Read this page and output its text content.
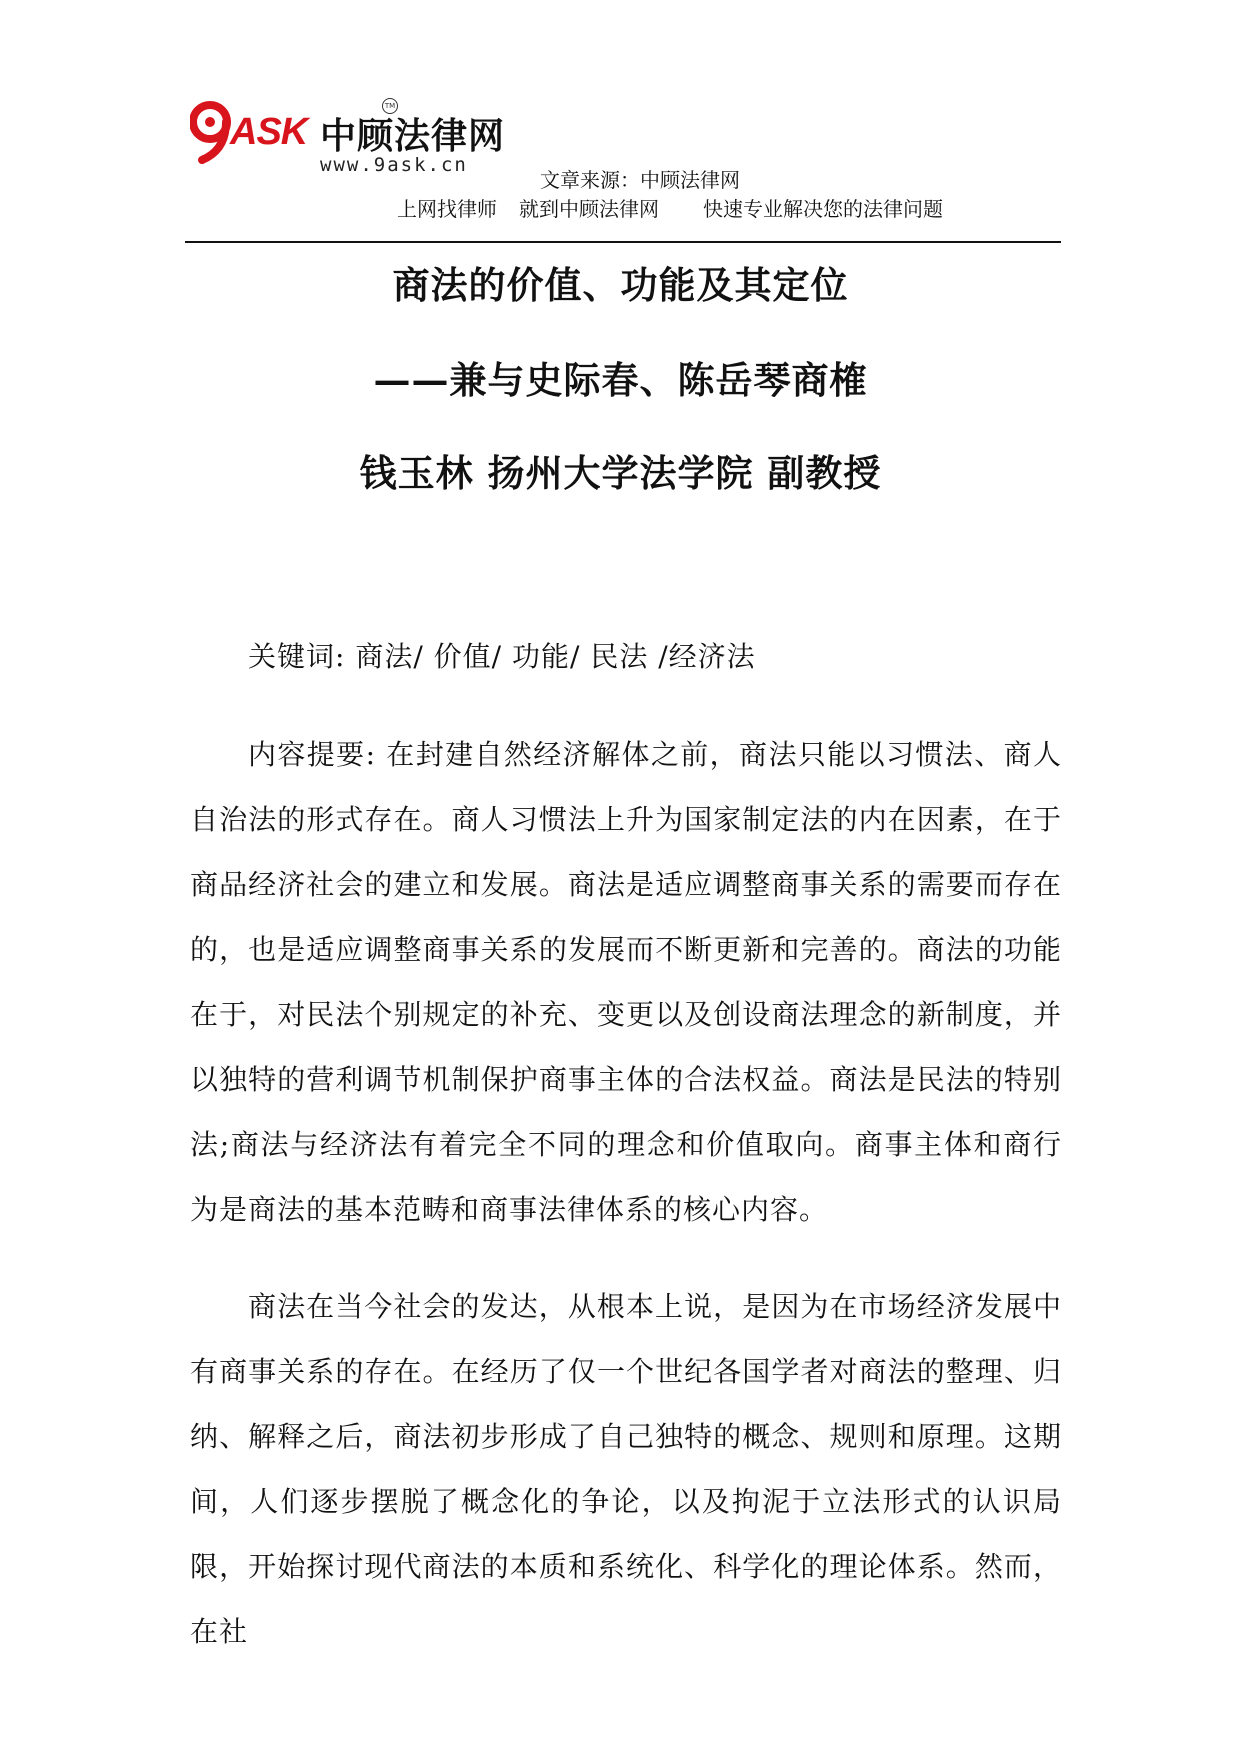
ASK 中顾法律网
TM
www.9ask.cn
文章来源：中顾法律网
上网找律师 就到中顾法律网 快速专业解决您的法律问题
商法的价值、功能及其定位
——兼与史际春、陈岳琴商榷
钱玉林 扬州大学法学院 副教授

关键词: 商法/ 价值/ 功能/ 民法 /经济法

内容提要: 在封建自然经济解体之前，商法只能以习惯法、商人自治法的形式存在。商人习惯法上升为国家制定法的内在因素，在于商品经济社会的建立和发展。商法是适应调整商事关系的需要而存在的，也是适应调整商事关系的发展而不断更新和完善的。商法的功能在于，对民法个别规定的补充、变更以及创设商法理念的新制度，并以独特的营利调节机制保护商事主体的合法权益。商法是民法的特别法;商法与经济法有着完全不同的理念和价值取向。商事主体和商行为是商法的基本范畴和商事法律体系的核心内容。

商法在当今社会的发达，从根本上说，是因为在市场经济发展中有商事关系的存在。在经历了仅一个世纪各国学者对商法的整理、归纳、解释之后，商法初步形成了自己独特的概念、规则和原理。这期间，人们逐步摆脱了概念化的争论，以及拘泥于立法形式的认识局限，开始探讨现代商法的本质和系统化、科学化的理论体系。然而，在社
